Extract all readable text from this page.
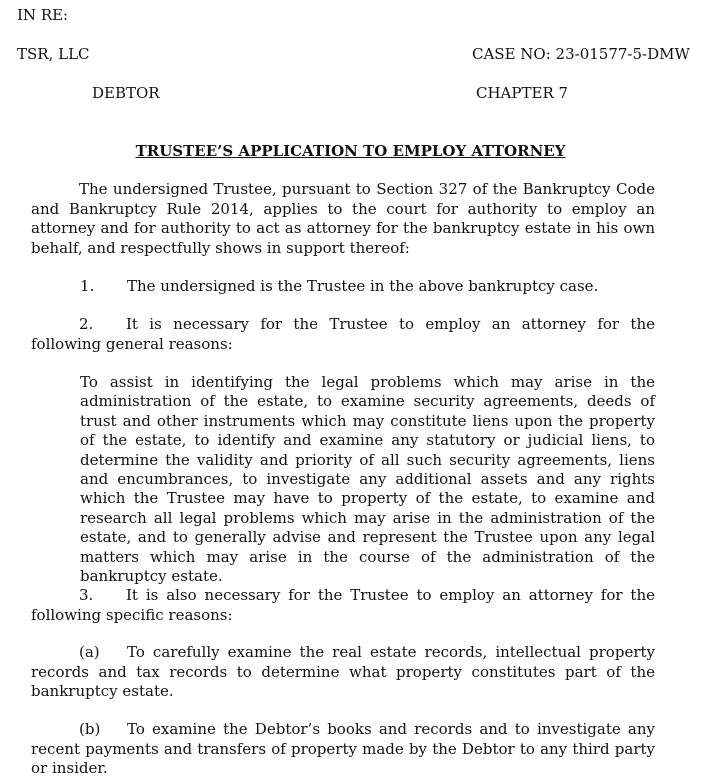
IN RE:
TSR, LLC	CASE NO: 23-01577-5-DMW
DEBTOR	CHAPTER 7
TRUSTEE’S APPLICATION TO EMPLOY ATTORNEY
The undersigned Trustee, pursuant to Section 327 of the Bankruptcy Code and Bankruptcy Rule 2014, applies to the court for authority to employ an attorney and for authority to act as attorney for the bankruptcy estate in his own behalf, and respectfully shows in support thereof:
1. The undersigned is the Trustee in the above bankruptcy case.
2. It is necessary for the Trustee to employ an attorney for the following general reasons:
To assist in identifying the legal problems which may arise in the administration of the estate, to examine security agreements, deeds of trust and other instruments which may constitute liens upon the property of the estate, to identify and examine any statutory or judicial liens, to determine the validity and priority of all such security agreements, liens and encumbrances, to investigate any additional assets and any rights which the Trustee may have to property of the estate, to examine and research all legal problems which may arise in the administration of the estate, and to generally advise and represent the Trustee upon any legal matters which may arise in the course of the administration of the bankruptcy estate.
3. It is also necessary for the Trustee to employ an attorney for the following specific reasons:
(a) To carefully examine the real estate records, intellectual property records and tax records to determine what property constitutes part of the bankruptcy estate.
(b) To examine the Debtor’s books and records and to investigate any recent payments and transfers of property made by the Debtor to any third party or insider.
